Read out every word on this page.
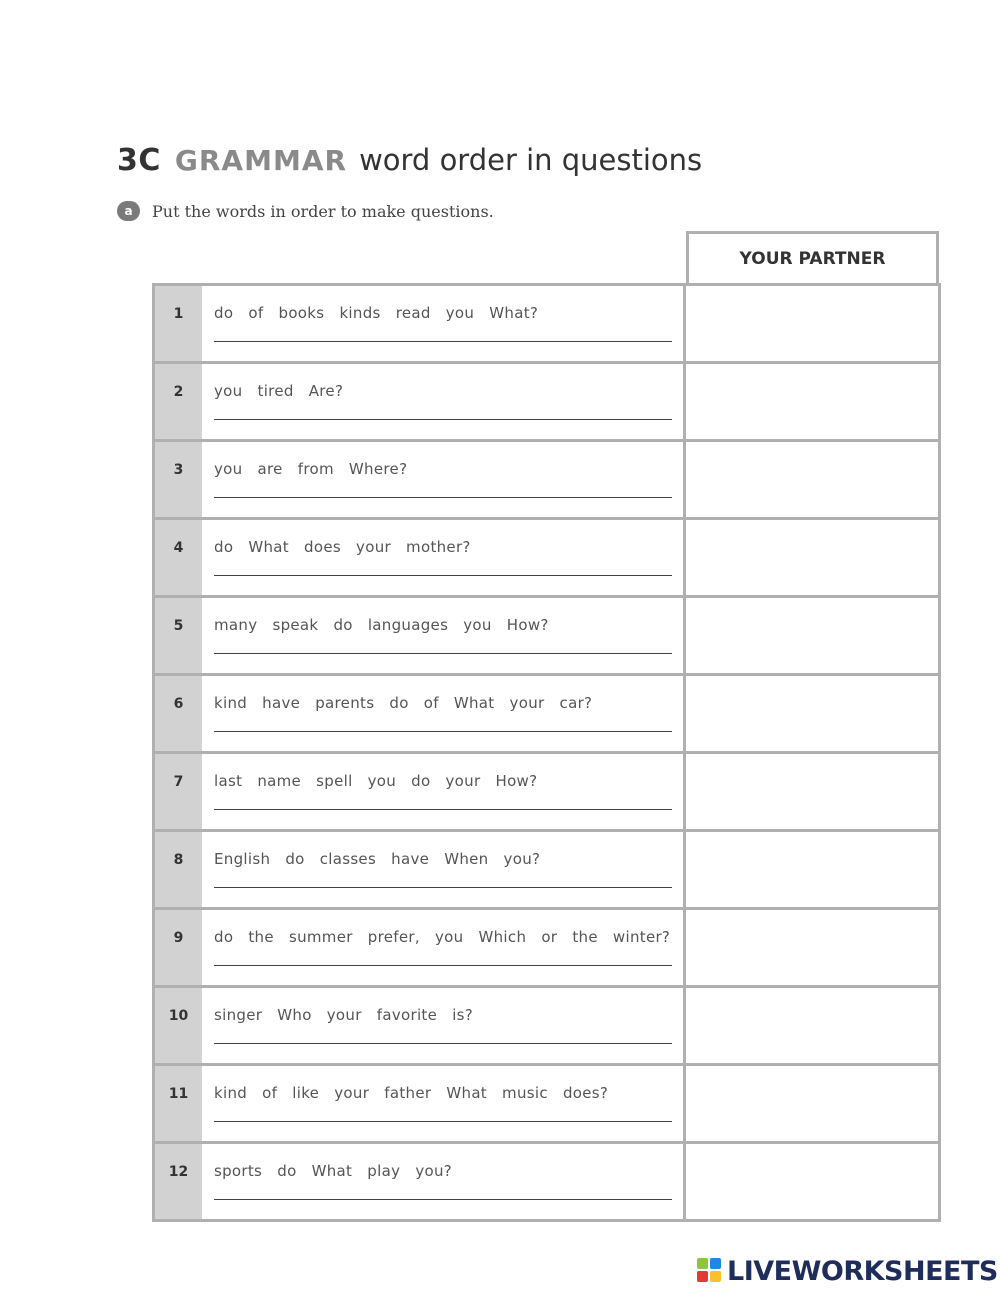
3C GRAMMAR word order in questions
a	Put the words in order to make questions.
YOUR PARTNER
1	do of books kinds read you What?
2	you tired Are?
3	you are from Where?
4	do What does your mother?
5	many speak do languages you How?
6	kind have parents do of What your car?
7	last name spell you do your How?
8	English do classes have When you?
9	do the summer prefer, you Which or the winter?
10	singer Who your favorite is?
11	kind of like your father What music does?
12	sports do What play you?
LIVEWORKSHEETS
